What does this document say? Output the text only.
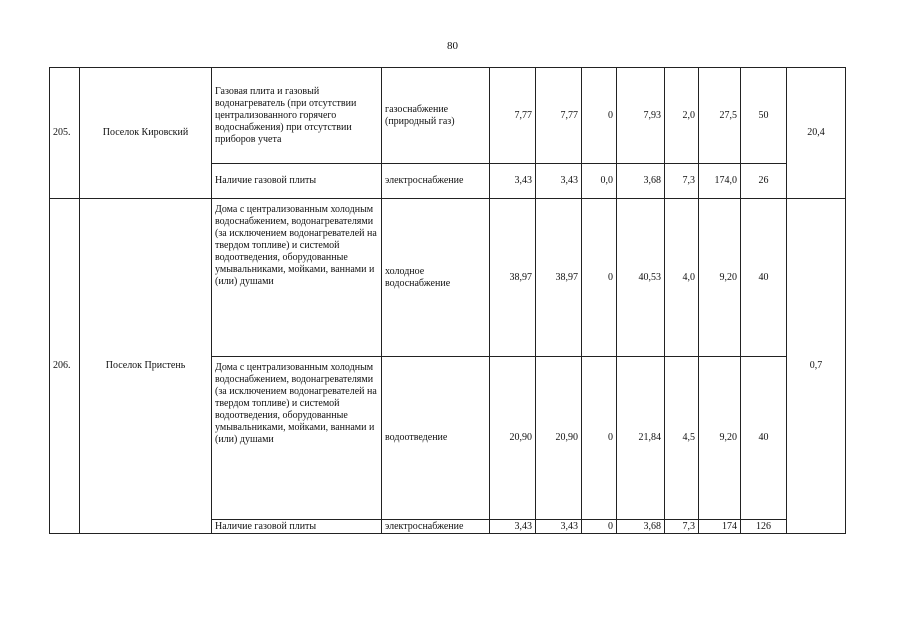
80
205.	Поселок Кировский	Газовая плита и газовый водонагреватель (при отсутствии централизованного горячего водоснабжения) при отсутствии приборов учета	газоснабжение (природный газ)	7,77	7,77	0	7,93	2,0	27,5	50	20,4
		Наличие газовой плиты	электроснабжение	3,43	3,43	0,0	3,68	7,3	174,0	26	
206.	Поселок Пристень	Дома с централизованным холодным водоснабжением, водонагревателями (за исключением водонагревателей на твердом топливе) и системой водоотведения, оборудованные умывальниками, мойками, ваннами и (или) душами	холодное водоснабжение	38,97	38,97	0	40,53	4,0	9,20	40	0,7
		Дома с централизованным холодным водоснабжением, водонагревателями (за исключением водонагревателей на твердом топливе) и системой водоотведения, оборудованные умывальниками, мойками, ваннами и (или) душами	водоотведение	20,90	20,90	0	21,84	4,5	9,20	40	
		Наличие газовой плиты	электроснабжение	3,43	3,43	0	3,68	7,3	174	126	
